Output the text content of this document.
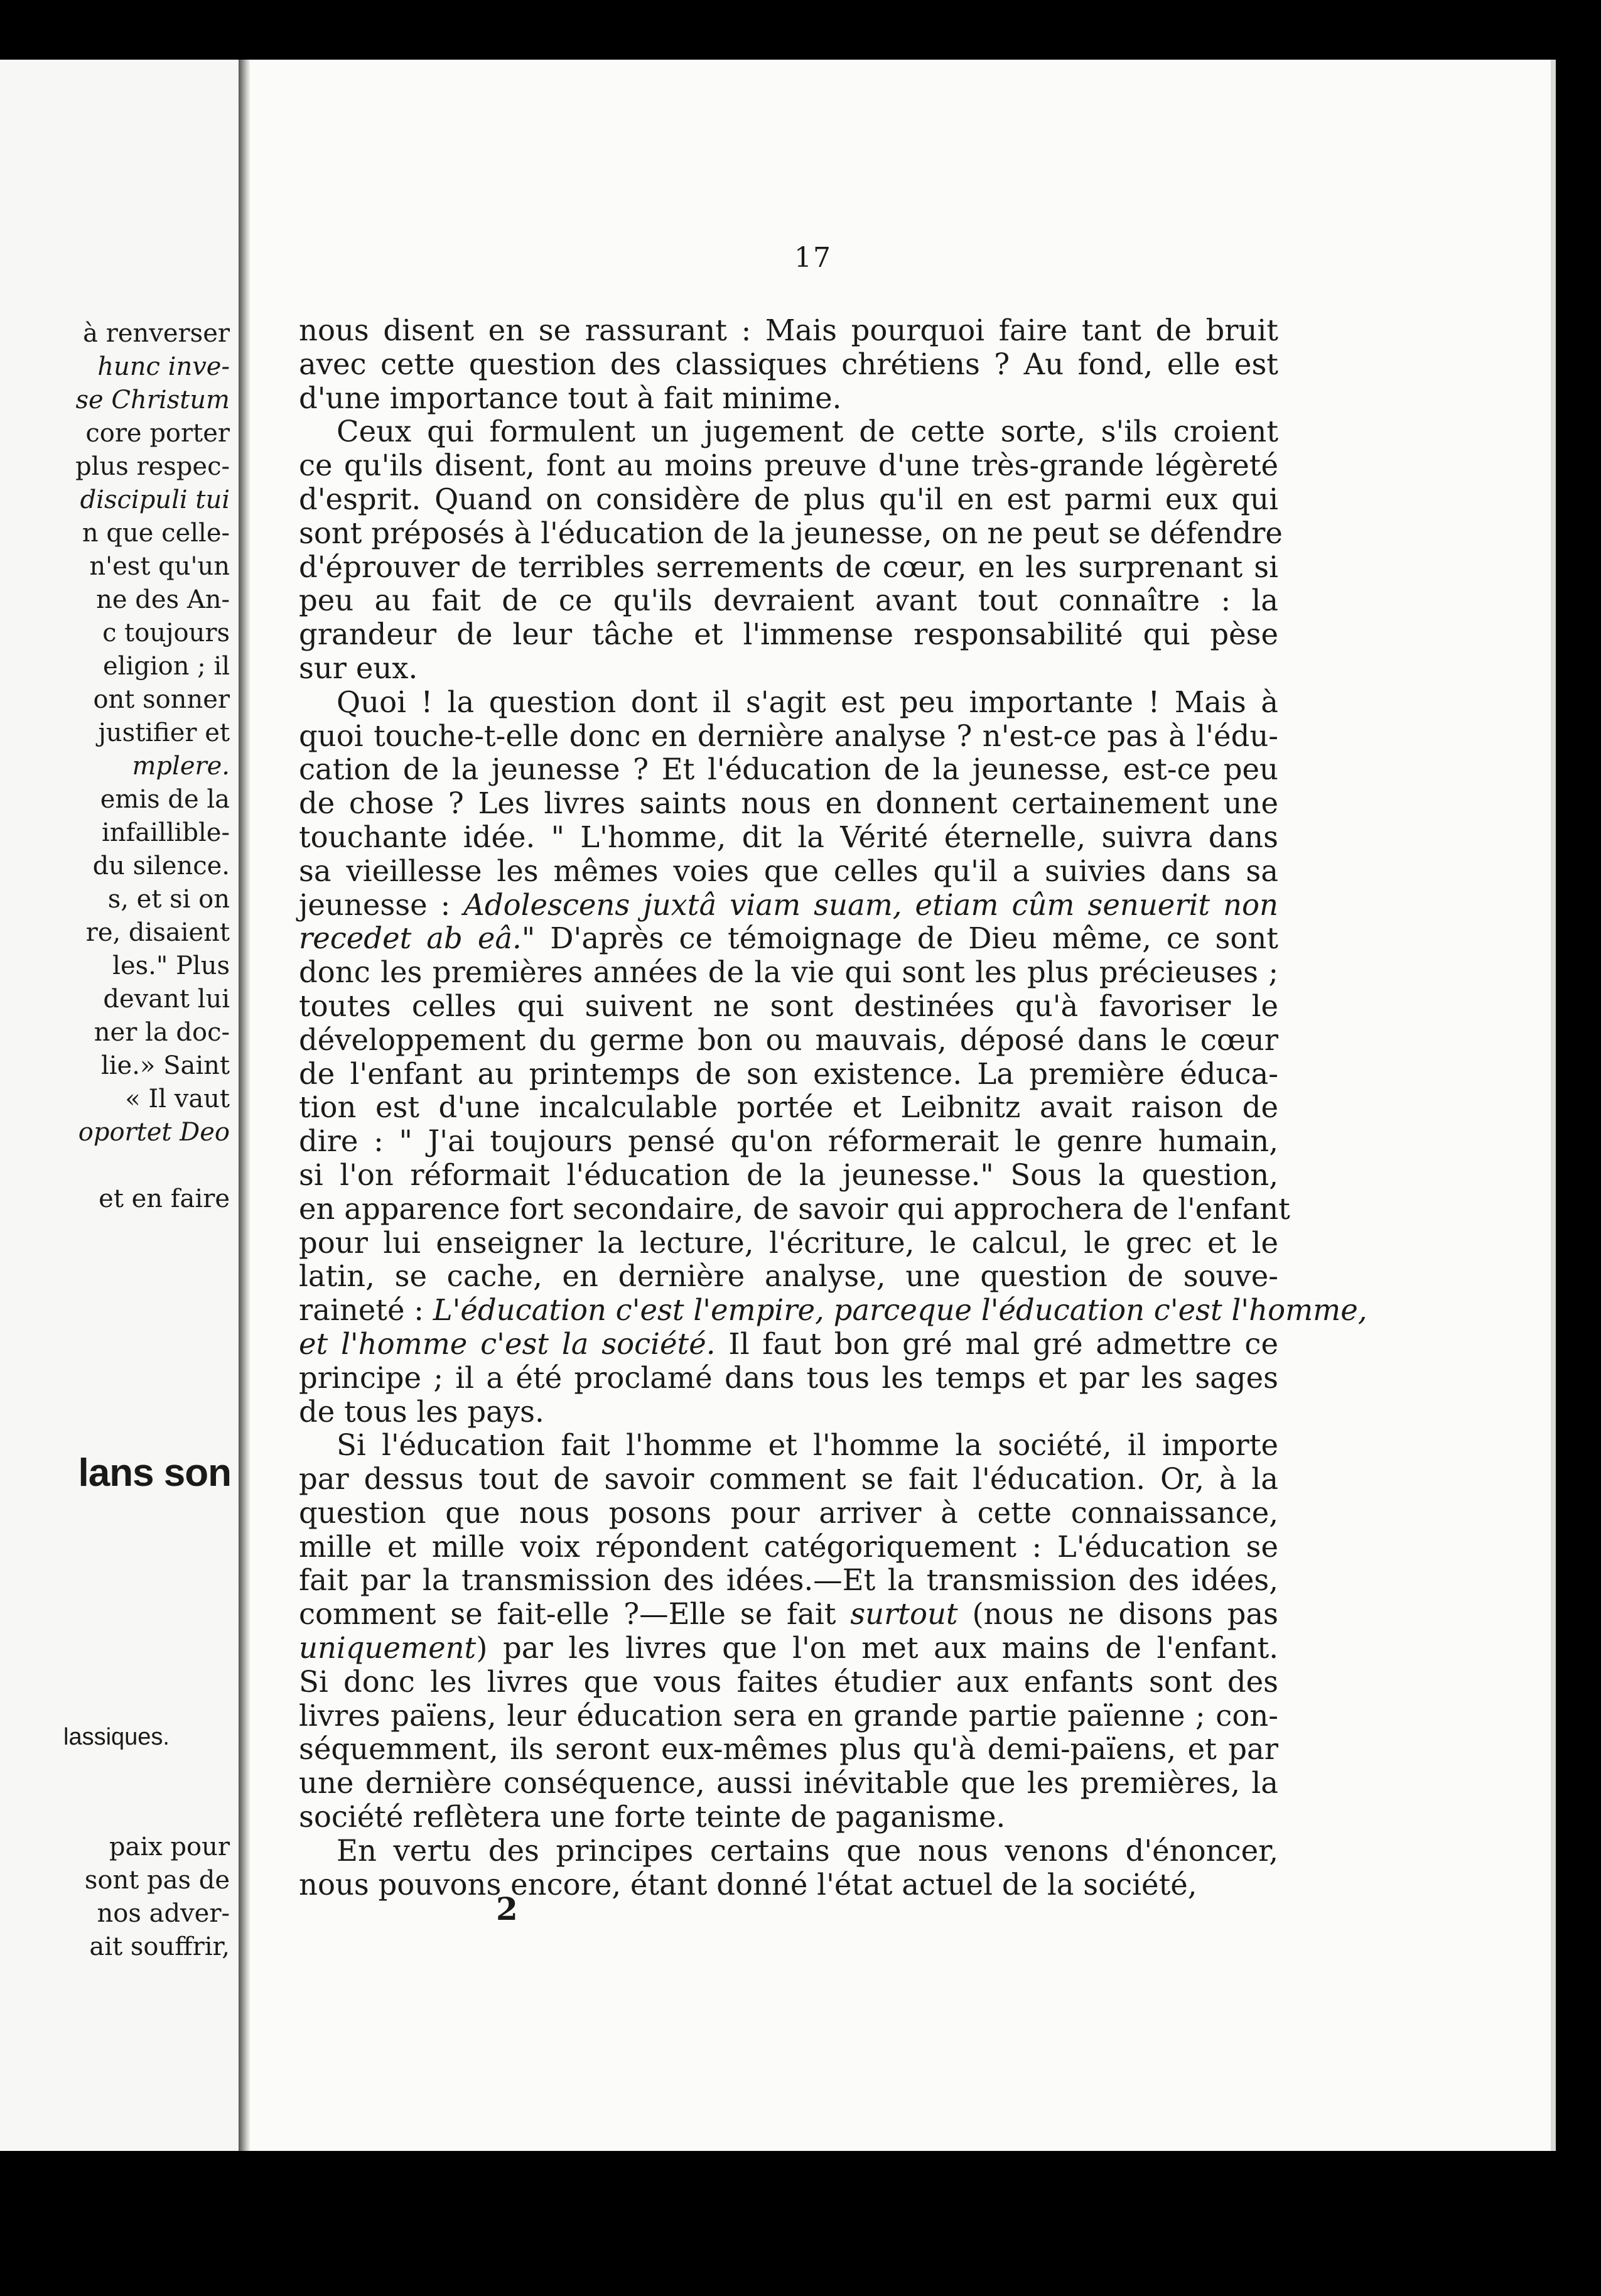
à renverser
hunc inve-
se Christum
core porter
plus respec-
discipuli tui
n que celle-
n'est qu'un
ne des An-
c toujours
eligion ; il
ont sonner
justifier et
mplere.
emis de la
infaillible-
du silence.
s, et si on
re, disaient
les." Plus
devant lui
ner la doc-
lie.» Saint
« Il vaut
oportet Deo
et en faire
lans son
lassiques.
paix pour
sont pas de
nos adver-
ait souffrir,
17

nous disent en se rassurant : Mais pourquoi faire tant de bruit
avec cette question des classiques chrétiens ? Au fond, elle est
d'une importance tout à fait minime.

Ceux qui formulent un jugement de cette sorte, s'ils croient
ce qu'ils disent, font au moins preuve d'une très-grande légèreté
d'esprit. Quand on considère de plus qu'il en est parmi eux qui
sont préposés à l'éducation de la jeunesse, on ne peut se défendre
d'éprouver de terribles serrements de cœur, en les surprenant si
peu au fait de ce qu'ils devraient avant tout connaître : la
grandeur de leur tâche et l'immense responsabilité qui pèse
sur eux.

Quoi ! la question dont il s'agit est peu importante ! Mais à
quoi touche-t-elle donc en dernière analyse ? n'est-ce pas à l'édu-
cation de la jeunesse ? Et l'éducation de la jeunesse, est-ce peu
de chose ? Les livres saints nous en donnent certainement une
touchante idée. " L'homme, dit la Vérité éternelle, suivra dans
sa vieillesse les mêmes voies que celles qu'il a suivies dans sa
jeunesse : Adolescens juxtâ viam suam, etiam cûm senuerit non
recedet ab eâ." D'après ce témoignage de Dieu même, ce sont
donc les premières années de la vie qui sont les plus précieuses ;
toutes celles qui suivent ne sont destinées qu'à favoriser le
développement du germe bon ou mauvais, déposé dans le cœur
de l'enfant au printemps de son existence. La première éduca-
tion est d'une incalculable portée et Leibnitz avait raison de
dire : " J'ai toujours pensé qu'on réformerait le genre humain,
si l'on réformait l'éducation de la jeunesse." Sous la question,
en apparence fort secondaire, de savoir qui approchera de l'enfant
pour lui enseigner la lecture, l'écriture, le calcul, le grec et le
latin, se cache, en dernière analyse, une question de souve-
raineté : L'éducation c'est l'empire, parceque l'éducation c'est l'homme,
et l'homme c'est la société. Il faut bon gré mal gré admettre ce
principe ; il a été proclamé dans tous les temps et par les sages
de tous les pays.

Si l'éducation fait l'homme et l'homme la société, il importe
par dessus tout de savoir comment se fait l'éducation. Or, à la
question que nous posons pour arriver à cette connaissance,
mille et mille voix répondent catégoriquement : L'éducation se
fait par la transmission des idées.—Et la transmission des idées,
comment se fait-elle ?—Elle se fait surtout (nous ne disons pas
uniquement) par les livres que l'on met aux mains de l'enfant.
Si donc les livres que vous faites étudier aux enfants sont des
livres païens, leur éducation sera en grande partie païenne ; con-
séquemment, ils seront eux-mêmes plus qu'à demi-païens, et par
une dernière conséquence, aussi inévitable que les premières, la
société reflètera une forte teinte de paganisme.

En vertu des principes certains que nous venons d'énoncer,
nous pouvons encore, étant donné l'état actuel de la société,

2
